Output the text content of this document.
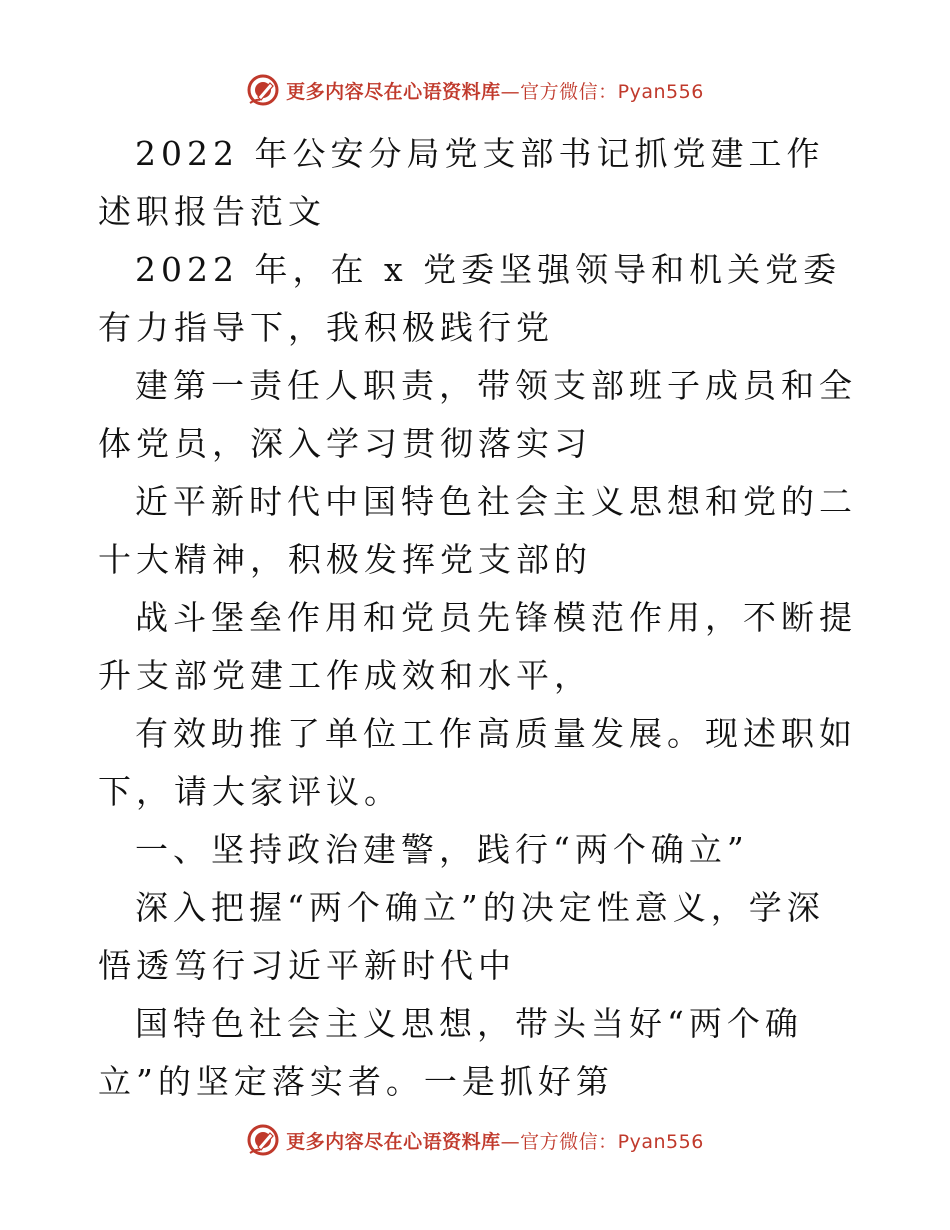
更多内容尽在心语资料库—官方微信：Pyan556

2022 年公安分局党支部书记抓党建工作述职报告范文

2022 年，在 x 党委坚强领导和机关党委有力指导下，我积极践行党

建第一责任人职责，带领支部班子成员和全体党员，深入学习贯彻落实习

近平新时代中国特色社会主义思想和党的二十大精神，积极发挥党支部的

战斗堡垒作用和党员先锋模范作用，不断提升支部党建工作成效和水平，

有效助推了单位工作高质量发展。现述职如下，请大家评议。

一、坚持政治建警，践行“两个确立”

深入把握“两个确立”的决定性意义，学深悟透笃行习近平新时代中

国特色社会主义思想，带头当好“两个确立”的坚定落实者。一是抓好第

更多内容尽在心语资料库—官方微信：Pyan556
